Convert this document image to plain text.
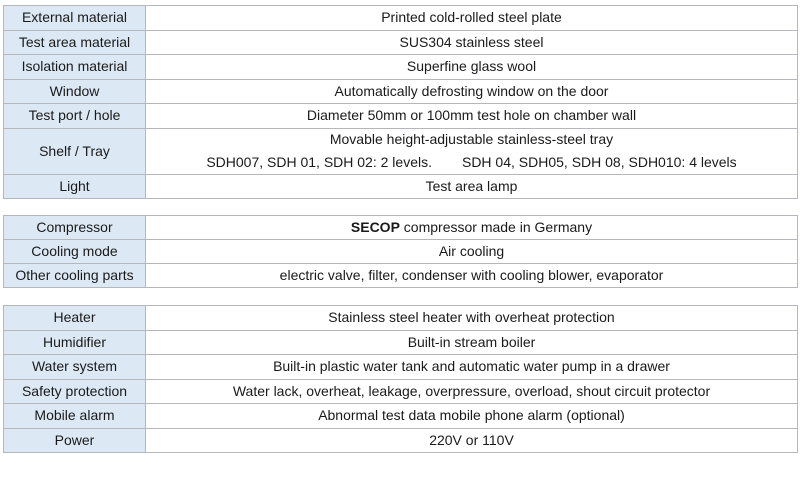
External material	Printed cold-rolled steel plate
Test area material	SUS304 stainless steel
Isolation material	Superfine glass wool
Window	Automatically defrosting window on the door
Test port / hole	Diameter 50mm or 100mm test hole on chamber wall
Shelf / Tray	Movable height-adjustable stainless-steel tray
SDH007, SDH 01, SDH 02: 2 levels. SDH 04, SDH05, SDH 08, SDH010: 4 levels

Light	Test area lamp
Compressor	SECOP compressor made in Germany
Cooling mode	Air cooling
Other cooling parts	electric valve, filter, condenser with cooling blower, evaporator
Heater	Stainless steel heater with overheat protection
Humidifier	Built-in stream boiler
Water system	Built-in plastic water tank and automatic water pump in a drawer
Safety protection	Water lack, overheat, leakage, overpressure, overload, shout circuit protector
Mobile alarm	Abnormal test data mobile phone alarm (optional)
Power	220V or 110V
